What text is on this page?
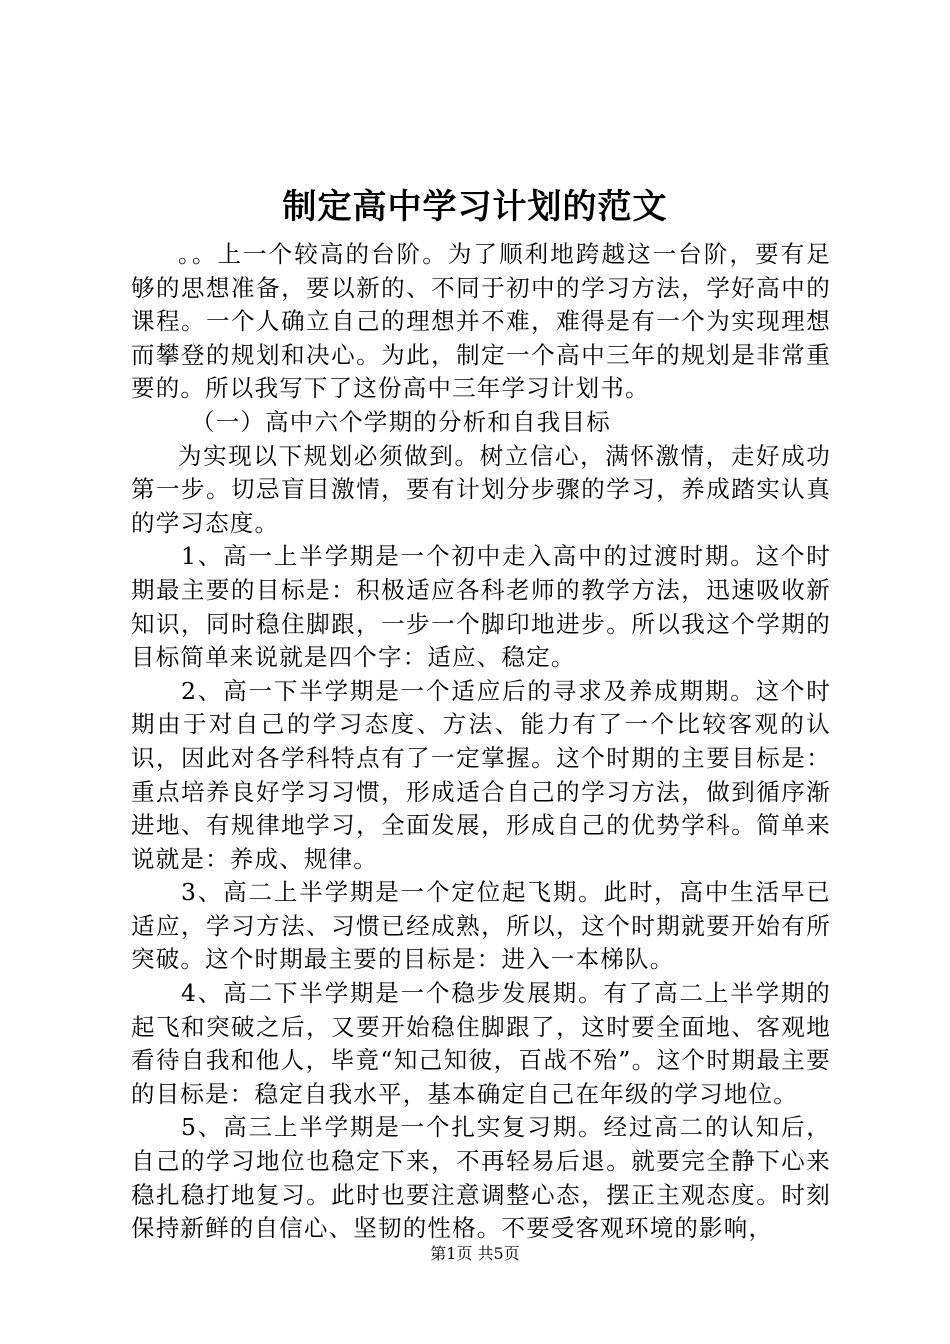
制定高中学习计划的范文

。。上一个较高的台阶。为了顺利地跨越这一台阶，要有足够的思想准备，要以新的、不同于初中的学习方法，学好高中的课程。一个人确立自己的理想并不难，难得是有一个为实现理想而攀登的规划和决心。为此，制定一个高中三年的规划是非常重要的。所以我写下了这份高中三年学习计划书。

（一）高中六个学期的分析和自我目标

为实现以下规划必须做到。树立信心，满怀激情，走好成功第一步。切忌盲目激情，要有计划分步骤的学习，养成踏实认真的学习态度。

1、高一上半学期是一个初中走入高中的过渡时期。这个时期最主要的目标是：积极适应各科老师的教学方法，迅速吸收新知识，同时稳住脚跟，一步一个脚印地进步。所以我这个学期的目标简单来说就是四个字：适应、稳定。

2、高一下半学期是一个适应后的寻求及养成期期。这个时期由于对自己的学习态度、方法、能力有了一个比较客观的认识，因此对各学科特点有了一定掌握。这个时期的主要目标是：重点培养良好学习习惯，形成适合自己的学习方法，做到循序渐进地、有规律地学习，全面发展，形成自己的优势学科。简单来说就是：养成、规律。

3、高二上半学期是一个定位起飞期。此时，高中生活早已适应，学习方法、习惯已经成熟，所以，这个时期就要开始有所突破。这个时期最主要的目标是：进入一本梯队。

4、高二下半学期是一个稳步发展期。有了高二上半学期的起飞和突破之后，又要开始稳住脚跟了，这时要全面地、客观地看待自我和他人，毕竟“知己知彼，百战不殆”。这个时期最主要的目标是：稳定自我水平，基本确定自己在年级的学习地位。

5、高三上半学期是一个扎实复习期。经过高二的认知后，自己的学习地位也稳定下来，不再轻易后退。就要完全静下心来稳扎稳打地复习。此时也要注意调整心态，摆正主观态度。时刻保持新鲜的自信心、坚韧的性格。不要受客观环境的影响，

第1页 共5页
